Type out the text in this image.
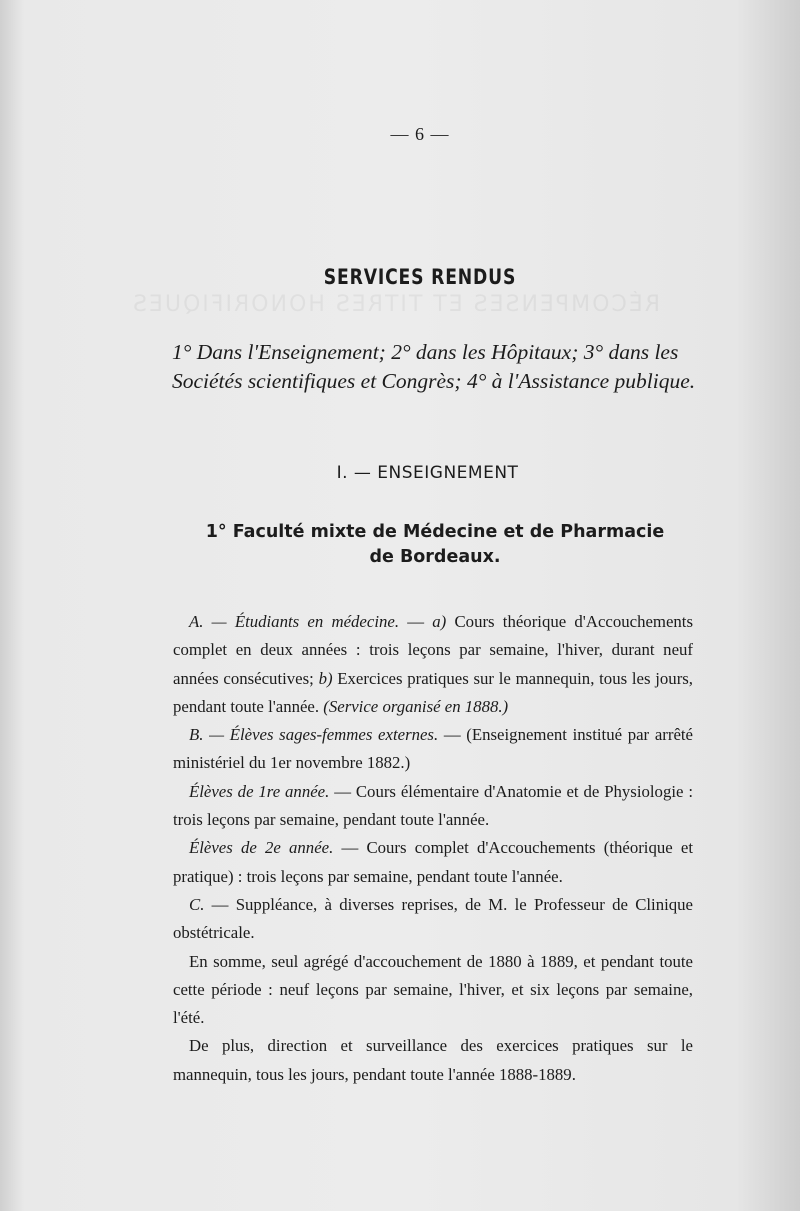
RÉCOMPENSES ET TITRES HONORIFIQUES
— 6 —
SERVICES RENDUS
1° Dans l'Enseignement; 2° dans les Hôpitaux; 3° dans les Sociétés scientifiques et Congrès; 4° à l'Assistance publique.
I. — ENSEIGNEMENT
1° Faculté mixte de Médecine et de Pharmacie de Bordeaux.

A. — Étudiants en médecine. — a) Cours théorique d'Accouchements complet en deux années : trois leçons par semaine, l'hiver, durant neuf années consécutives; b) Exercices pratiques sur le mannequin, tous les jours, pendant toute l'année. (Service organisé en 1888.)

B. — Élèves sages-femmes externes. — (Enseignement institué par arrêté ministériel du 1er novembre 1882.)

Élèves de 1re année. — Cours élémentaire d'Anatomie et de Physiologie : trois leçons par semaine, pendant toute l'année.

Élèves de 2e année. — Cours complet d'Accouchements (théorique et pratique) : trois leçons par semaine, pendant toute l'année.

C. — Suppléance, à diverses reprises, de M. le Professeur de Clinique obstétricale.

En somme, seul agrégé d'accouchement de 1880 à 1889, et pendant toute cette période : neuf leçons par semaine, l'hiver, et six leçons par semaine, l'été.

De plus, direction et surveillance des exercices pratiques sur le mannequin, tous les jours, pendant toute l'année 1888-1889.
